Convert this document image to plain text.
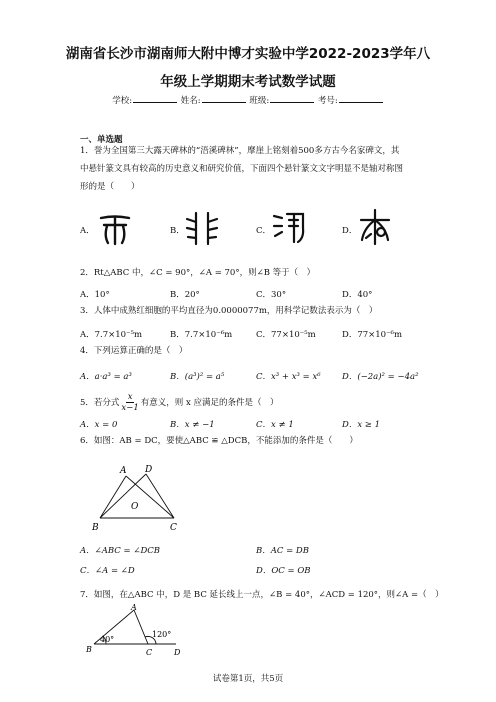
湖南省长沙市湖南师大附中博才实验中学2022-2023学年八
年级上学期期末考试数学试题
学校:	姓名:	班级:	考号:
一、单选题
1．誉为全国第三大露天碑林的“浯溪碑林”，摩崖上铭刻着500多方古今名家碑文，其
中悬针篆文具有较高的历史意义和研究价值，下面四个悬针篆文文字明显不是轴对称图
形的是（　　）
A．	B．	C．	D．
2．Rt△ABC 中，∠C = 90°，∠A = 70°，则∠B 等于（　）
A．10°	B．20°	C．30°	D．40°
3．人体中成熟红细胞的平均直径为0.0000077m，用科学记数法表示为（　）
A．7.7×10⁻⁵m	B．7.7×10⁻⁶m	C．77×10⁻⁵m	D．77×10⁻⁶m
4．下列运算正确的是（　）
A．a·a³ = a³	B．(a³)² = a⁵	C．x³ + x³ = x⁶	D．(−2a)² = −4a²
5．若分式 $\frac{x}{x-1}$ 有意义，则 x 应满足的条件是（　）
A．x = 0	B．x ≠ −1	C．x ≠ 1	D．x ≥ 1
6．如图：AB = DC，要使△ABC ≌ △DCB，不能添加的条件是（　　）
A D
O
B	C
A．∠ABC = ∠DCB	B．AC = DB
C．∠A = ∠D	D．OC = OB
7．如图，在△ABC 中，D 是 BC 延长线上一点，∠B = 40°，∠ACD = 120°，则∠A =（　）
A
B	C	D
40°
120°
试卷第1页，共5页
